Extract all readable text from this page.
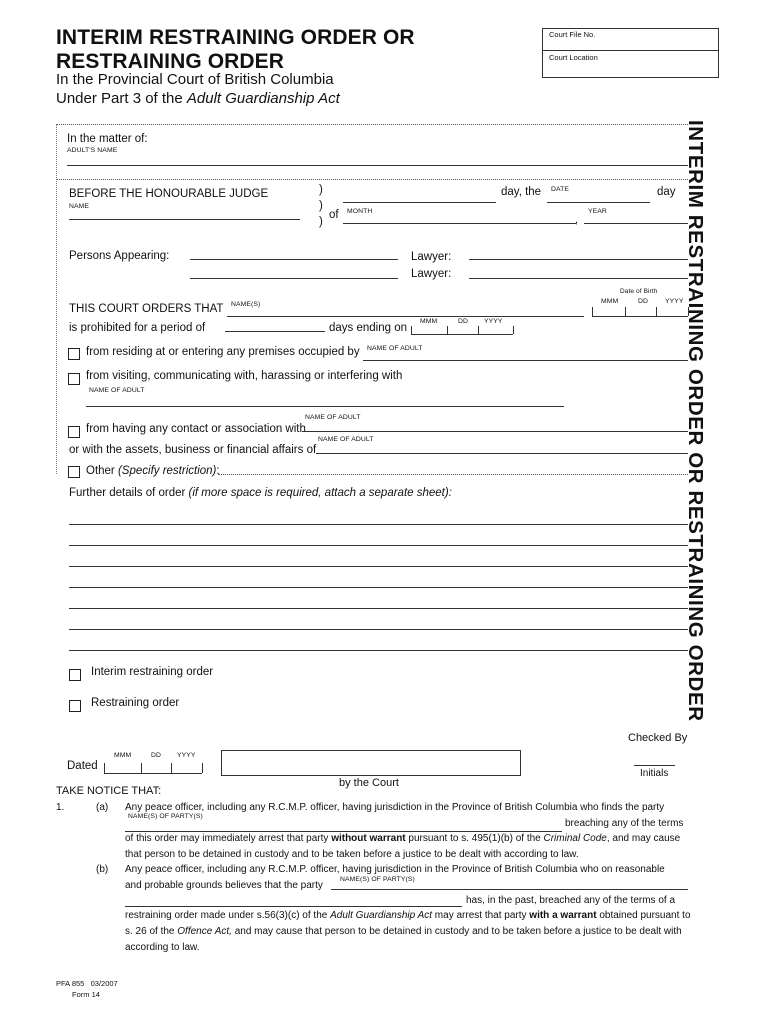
INTERIM RESTRAINING ORDER OR
RESTRAINING ORDER
In the Provincial Court of British Columbia
Under Part 3 of the Adult Guardianship Act
Court File No.
Court Location
INTERIM RESTRAINING ORDER OR RESTRAINING ORDER
In the matter of:
ADULT'S NAME
BEFORE THE HONOURABLE JUDGE
NAME
)
)
)
day, the DATE	day
of MONTH
,
YEAR
Persons Appearing:	Lawyer:
Lawyer:
THIS COURT ORDERS THAT NAME(S)
Date of Birth
MMM	DD YYYY
is prohibited for a period of	days ending on
MMM	DD YYYY
from residing at or entering any premises occupied by NAME OF ADULT
from visiting, communicating with, harassing or interfering with
NAME OF ADULT
NAME OF ADULT
from having any contact or association with
NAME OF ADULT
or with the assets, business or financial affairs of
Other (Specify restriction):
Further details of order (if more space is required, attach a separate sheet):
Interim restraining order
Restraining order
Checked By
MMM	DD YYYY
Dated
by the Court
Initials
TAKE NOTICE THAT:
1.	(a) Any peace officer, including any R.C.M.P. officer, having jurisdiction in the Province of British Columbia who finds the party
NAME(S) OF PARTY(S)
breaching any of the terms
of this order may immediately arrest that party without warrant pursuant to s. 495(1)(b) of the Criminal Code, and may cause
that person to be detained in custody and to be taken before a justice to be dealt with according to law.
(b) Any peace officer, including any R.C.M.P. officer, having jurisdiction in the Province of British Columbia who on reasonable
and probable grounds believes that the party
NAME(S) OF PARTY(S)
has, in the past, breached any of the terms of a
restraining order made under s.56(3)(c) of the Adult Guardianship Act may arrest that party with a warrant obtained pursuant to
s. 26 of the Offence Act, and may cause that person to be detained in custody and to be taken before a justice to be dealt with
according to law.
PFA 855   03/2007
Form 14
